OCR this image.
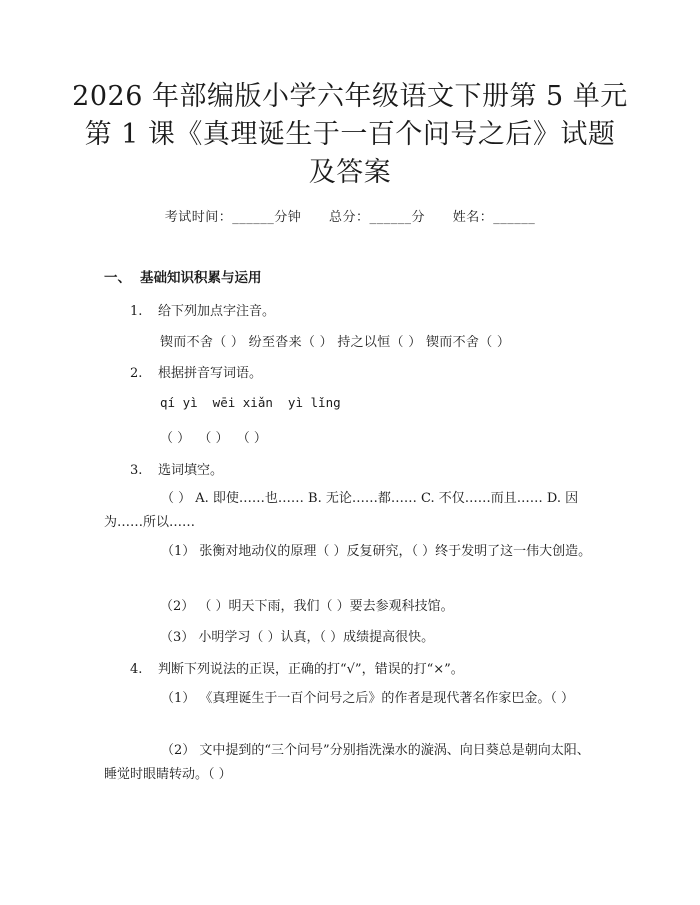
2026 年部编版小学六年级语文下册第 5 单元
第 1 课《真理诞生于一百个问号之后》试题
及答案
考试时间：______分钟      总分：______分      姓名：______
一、 基础知识积累与运用
1. 给下列加点字注音。
锲而不舍（ ） 纷至沓来（ ） 持之以恒（ ） 锲而不舍（ ）
2. 根据拼音写词语。
qí yì  wēi xiǎn  yì lǐng
（ ）  （ ）  （ ）
3. 选词填空。
（ ） A. 即使……也…… B. 无论……都…… C. 不仅……而且…… D. 因为……所以……
（1） 张衡对地动仪的原理（ ）反复研究，（ ）终于发明了这一伟大创造。
（2） （ ）明天下雨，我们（ ）要去参观科技馆。
（3） 小明学习（ ）认真，（ ）成绩提高很快。
4. 判断下列说法的正误，正确的打“√”，错误的打“×”。
（1） 《真理诞生于一百个问号之后》的作者是现代著名作家巴金。（ ）
（2） 文中提到的“三个问号”分别指洗澡水的漩涡、向日葵总是朝向太阳、睡觉时眼睛转动。（ ）
